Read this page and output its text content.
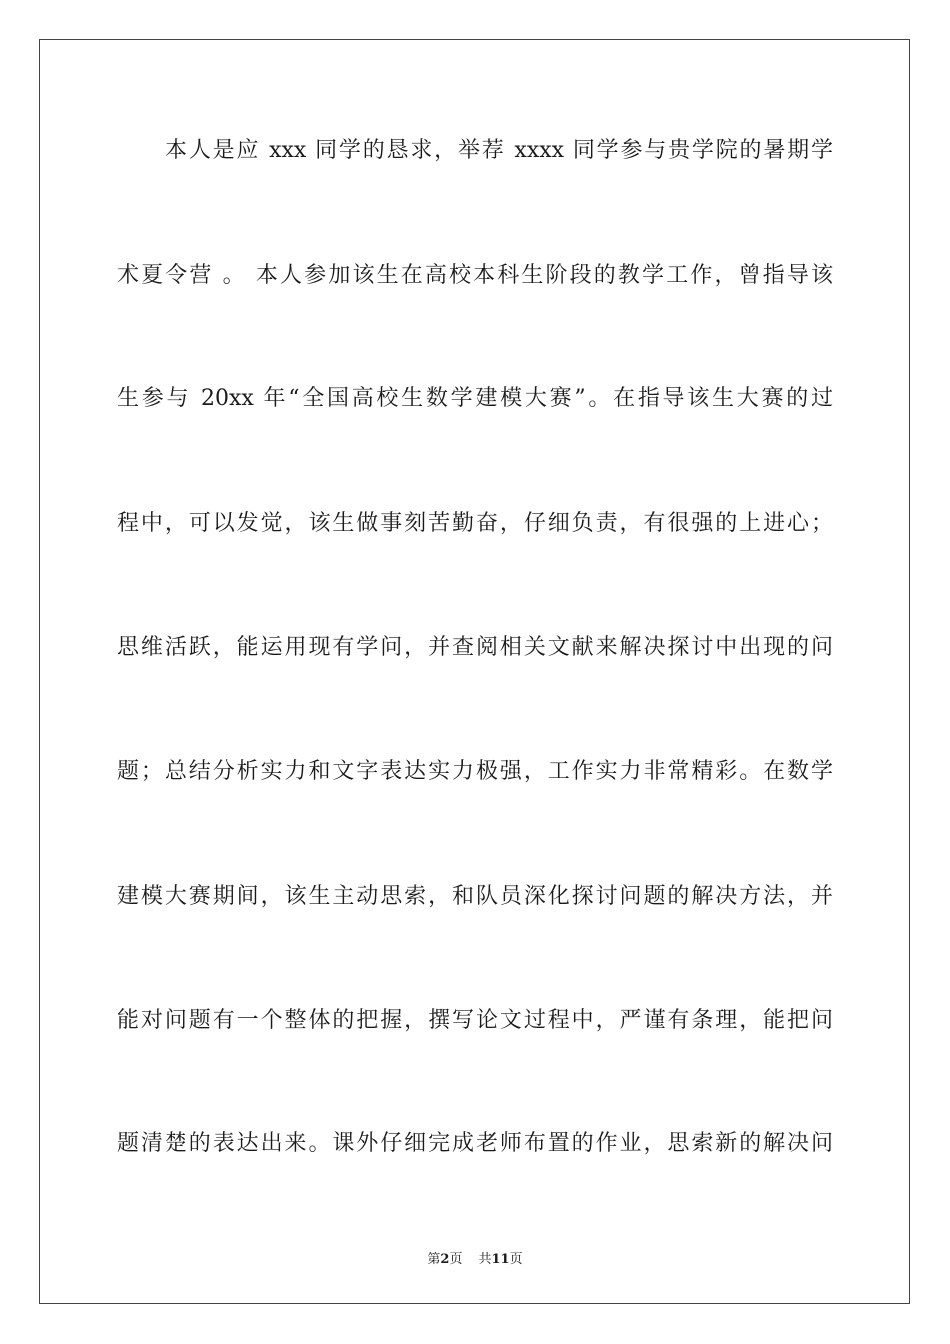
本人是应 xxx 同学的恳求，举荐 xxxx 同学参与贵学院的暑期学
术夏令营 。 本人参加该生在高校本科生阶段的教学工作，曾指导该
生参与 20xx 年“全国高校生数学建模大赛”。在指导该生大赛的过
程中，可以发觉，该生做事刻苦勤奋，仔细负责，有很强的上进心；
思维活跃，能运用现有学问，并查阅相关文献来解决探讨中出现的问
题；总结分析实力和文字表达实力极强，工作实力非常精彩。在数学
建模大赛期间，该生主动思索，和队员深化探讨问题的解决方法，并
能对问题有一个整体的把握，撰写论文过程中，严谨有条理，能把问
题清楚的表达出来。课外仔细完成老师布置的作业，思索新的解决问
第2页 共11页
